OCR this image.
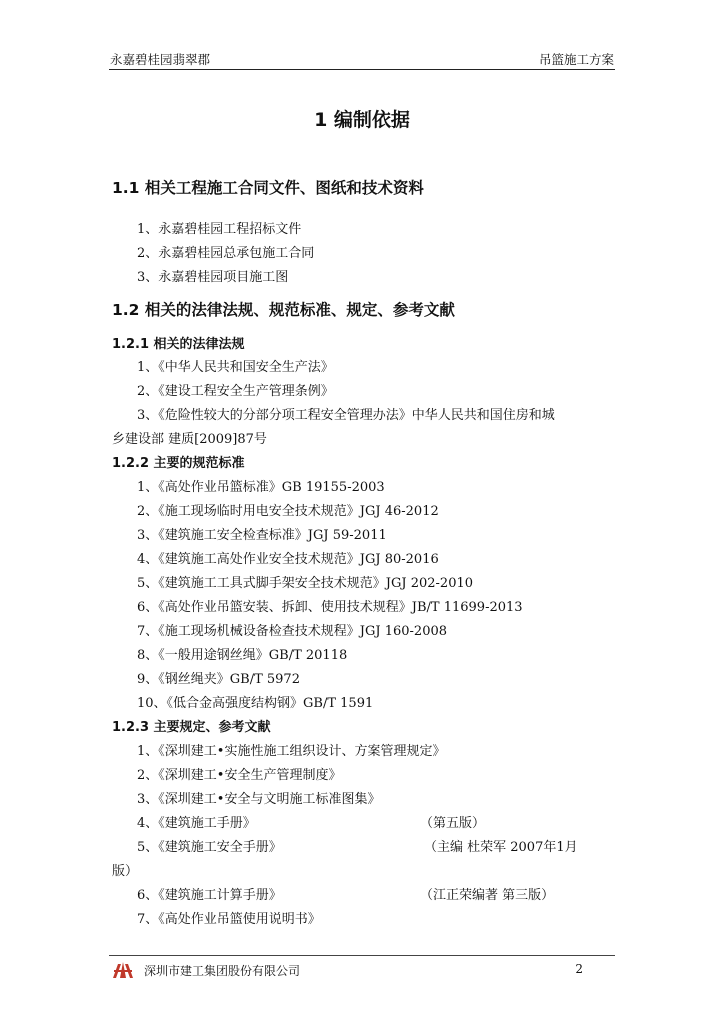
永嘉碧桂园翡翠郡	吊篮施工方案
1 编制依据
1.1 相关工程施工合同文件、图纸和技术资料
1、永嘉碧桂园工程招标文件
2、永嘉碧桂园总承包施工合同
3、永嘉碧桂园项目施工图
1.2 相关的法律法规、规范标准、规定、参考文献
1.2.1 相关的法律法规
1、《中华人民共和国安全生产法》
2、《建设工程安全生产管理条例》
3、《危险性较大的分部分项工程安全管理办法》中华人民共和国住房和城
乡建设部 建质[2009]87号
1.2.2 主要的规范标准
1、《高处作业吊篮标准》GB 19155-2003
2、《施工现场临时用电安全技术规范》JGJ 46-2012
3、《建筑施工安全检查标准》JGJ 59-2011
4、《建筑施工高处作业安全技术规范》JGJ 80-2016
5、《建筑施工工具式脚手架安全技术规范》JGJ 202-2010
6、《高处作业吊篮安装、拆卸、使用技术规程》JB/T 11699-2013
7、《施工现场机械设备检查技术规程》JGJ 160-2008
8、《一般用途钢丝绳》GB/T 20118
9、《钢丝绳夹》GB/T 5972
10、《低合金高强度结构钢》GB/T 1591
1.2.3 主要规定、参考文献
1、《深圳建工•实施性施工组织设计、方案管理规定》
2、《深圳建工•安全生产管理制度》
3、《深圳建工•安全与文明施工标准图集》
4、《建筑施工手册》	（第五版）
5、《建筑施工安全手册》	（主编 杜荣军 2007年1月
版）
6、《建筑施工计算手册》	（江正荣编著 第三版）
7、《高处作业吊篮使用说明书》
深圳市建工集团股份有限公司	2
